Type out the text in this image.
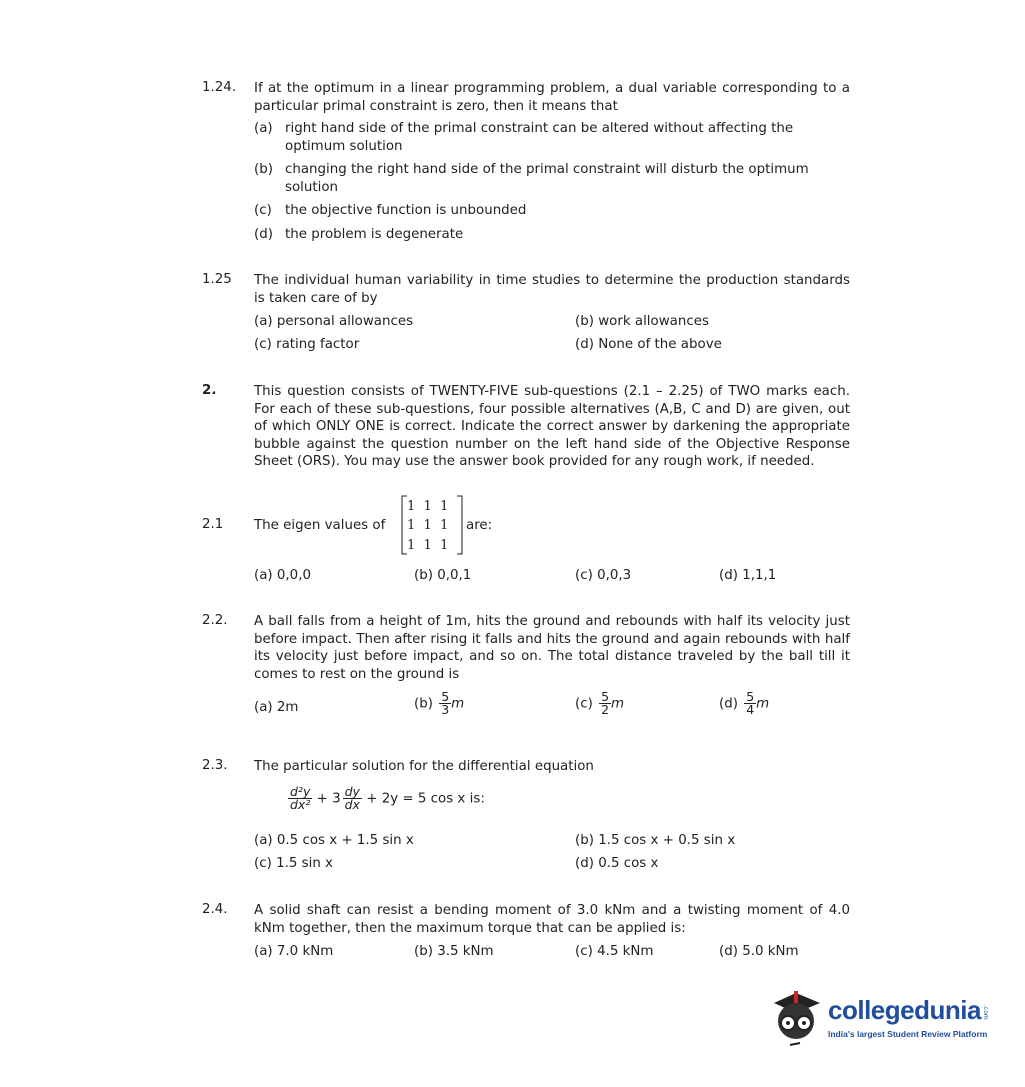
1.24. If at the optimum in a linear programming problem, a dual variable corresponding to a particular primal constraint is zero, then it means that
(a) right hand side of the primal constraint can be altered without affecting the optimum solution
(b) changing the right hand side of the primal constraint will disturb the optimum solution
(c) the objective function is unbounded
(d) the problem is degenerate
1.25 The individual human variability in time studies to determine the production standards is taken care of by
(a) personal allowances	(b) work allowances
(c) rating factor	(d) None of the above
2.	This question consists of TWENTY-FIVE sub-questions (2.1 – 2.25) of TWO marks each. For each of these sub-questions, four possible alternatives (A,B, C and D) are given, out of which ONLY ONE is correct. Indicate the correct answer by darkening the appropriate bubble against the question number on the left hand side of the Objective Response Sheet (ORS). You may use the answer book provided for any rough work, if needed.
2.1 The eigen values of
1  1  1
1  1  1
1  1  1
are:
(a) 0,0,0	(b) 0,0,1	(c) 0,0,3	(d) 1,1,1
2.2. A ball falls from a height of 1m, hits the ground and rebounds with half its velocity just before impact. Then after rising it falls and hits the ground and again rebounds with half its velocity just before impact, and so on. The total distance traveled by the ball till it comes to rest on the ground is
(a) 2m	$(b) \frac{5}{3}$ m	$(c) \frac{5}{2}$ m	$(d) \frac{5}{4}$ m
2.3. The particular solution for the differential equation
$\frac{\text{d²y}}{\text{dx²}} + 3 \frac{dy}{dx} + 2y = 5$ cos x is:
(a) 0.5 cos x + 1.5 sin x	(b) 1.5 cos x + 0.5 sin x
(c) 1.5 sin x	(d) 0.5 cos x
2.4. A solid shaft can resist a bending moment of 3.0 kNm and a twisting moment of 4.0 kNm together, then the maximum torque that can be applied is:
(a) 7.0 kNm	(b) 3.5 kNm	(c) 4.5 kNm	(d) 5.0 kNm
collegedunia .com
India's largest Student Review Platform
